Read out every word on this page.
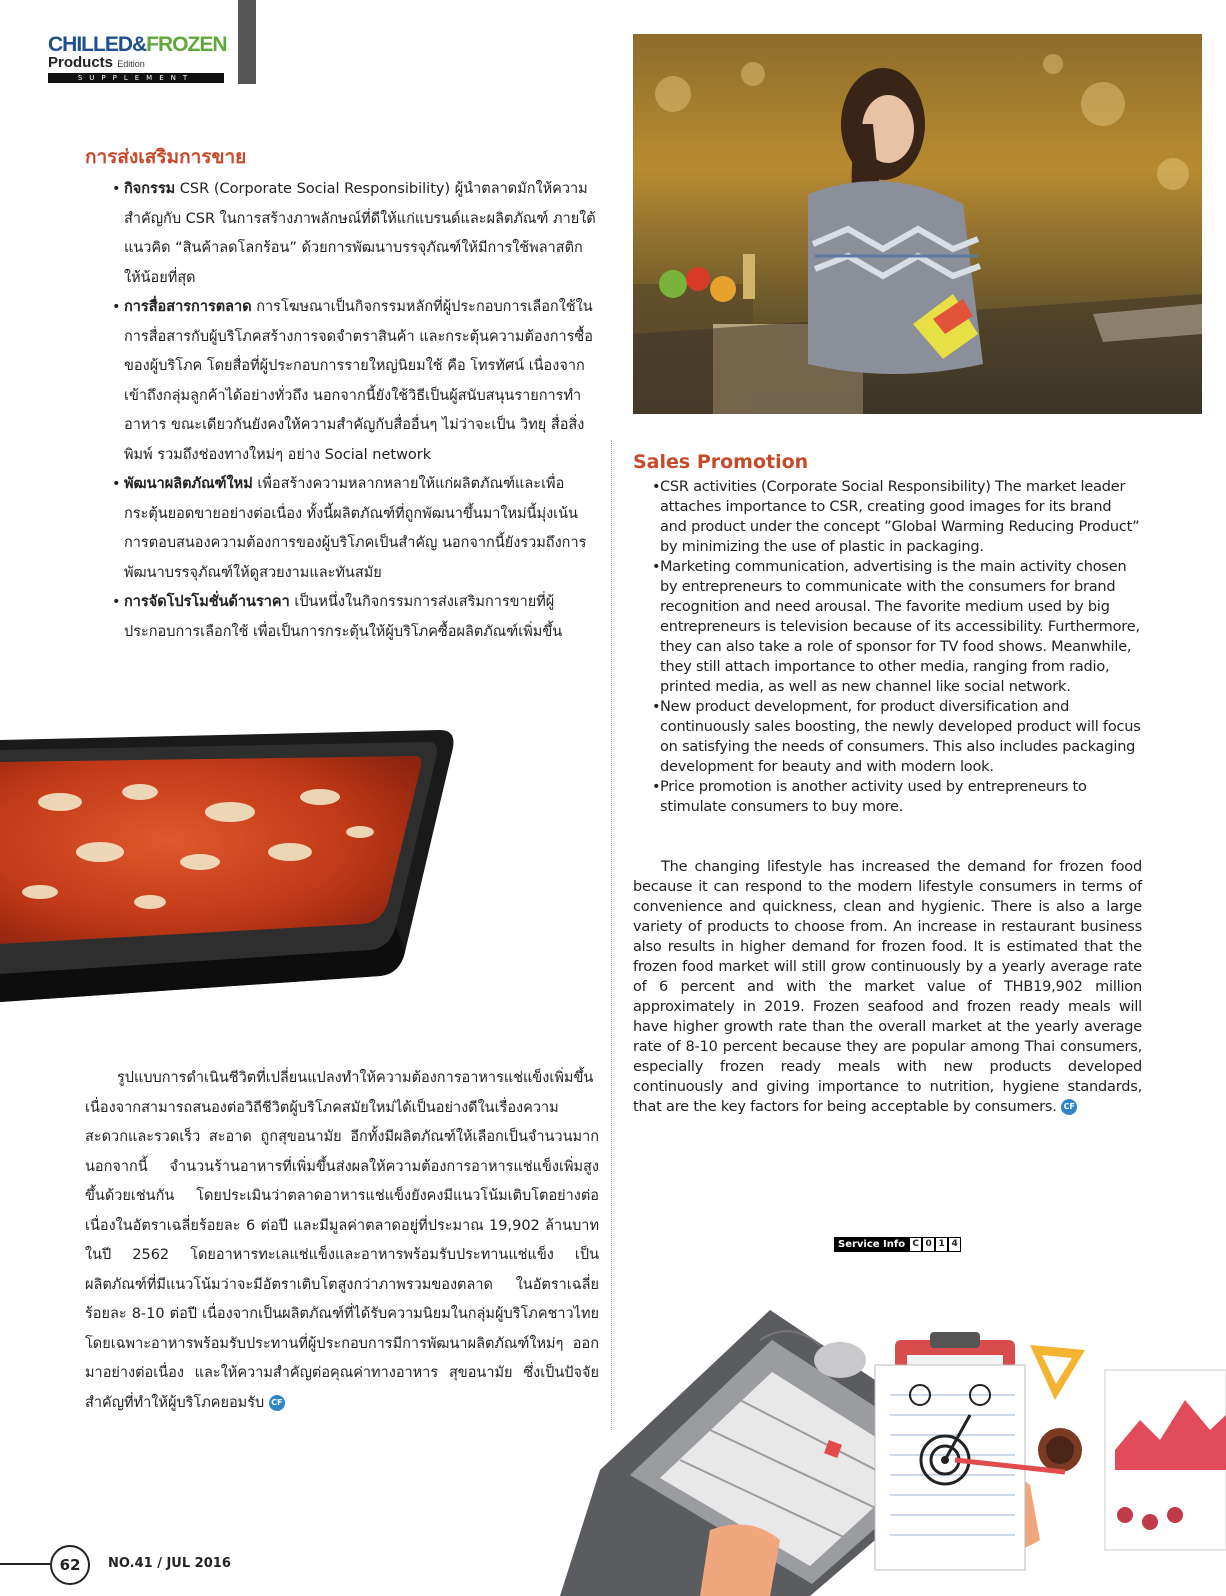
CHILLED&FROZEN
Products Edition
SUPPLEMENT
การส่งเสริมการขาย
• กิจกรรม CSR (Corporate Social Responsibility) ผู้นำตลาดมักให้ความสำคัญกับ CSR ในการสร้างภาพลักษณ์ที่ดีให้แก่แบรนด์และผลิตภัณฑ์ ภายใต้แนวคิด “สินค้าลดโลกร้อน” ด้วยการพัฒนาบรรจุภัณฑ์ให้มีการใช้พลาสติกให้น้อยที่สุด
• การสื่อสารการตลาด การโฆษณาเป็นกิจกรรมหลักที่ผู้ประกอบการเลือกใช้ในการสื่อสารกับผู้บริโภคสร้างการจดจำตราสินค้า และกระตุ้นความต้องการซื้อของผู้บริโภค โดยสื่อที่ผู้ประกอบการรายใหญ่นิยมใช้ คือ โทรทัศน์ เนื่องจากเข้าถึงกลุ่มลูกค้าได้อย่างทั่วถึง นอกจากนี้ยังใช้วิธีเป็นผู้สนับสนุนรายการทำอาหาร ขณะเดียวกันยังคงให้ความสำคัญกับสื่ออื่นๆ ไม่ว่าจะเป็น วิทยุ สื่อสิ่งพิมพ์ รวมถึงช่องทางใหม่ๆ อย่าง Social network
• พัฒนาผลิตภัณฑ์ใหม่ เพื่อสร้างความหลากหลายให้แก่ผลิตภัณฑ์และเพื่อกระตุ้นยอดขายอย่างต่อเนื่อง ทั้งนี้ผลิตภัณฑ์ที่ถูกพัฒนาขึ้นมาใหม่นี้มุ่งเน้นการตอบสนองความต้องการของผู้บริโภคเป็นสำคัญ นอกจากนี้ยังรวมถึงการพัฒนาบรรจุภัณฑ์ให้ดูสวยงามและทันสมัย
• การจัดโปรโมชั่นด้านราคา เป็นหนึ่งในกิจกรรมการส่งเสริมการขายที่ผู้ประกอบการเลือกใช้ เพื่อเป็นการกระตุ้นให้ผู้บริโภคซื้อผลิตภัณฑ์เพิ่มขึ้น

รูปแบบการดำเนินชีวิตที่เปลี่ยนแปลงทำให้ความต้องการอาหารแช่แข็งเพิ่มขึ้น เนื่องจากสามารถสนองต่อวิถีชีวิตผู้บริโภคสมัยใหม่ได้เป็นอย่างดีในเรื่องความสะดวกและรวดเร็ว สะอาด ถูกสุขอนามัย อีกทั้งมีผลิตภัณฑ์ให้เลือกเป็นจำนวนมาก นอกจากนี้ จำนวนร้านอาหารที่เพิ่มขึ้นส่งผลให้ความต้องการอาหารแช่แข็งเพิ่มสูงขึ้นด้วยเช่นกัน โดยประเมินว่าตลาดอาหารแช่แข็งยังคงมีแนวโน้มเติบโตอย่างต่อเนื่องในอัตราเฉลี่ยร้อยละ 6 ต่อปี และมีมูลค่าตลาดอยู่ที่ประมาณ 19,902 ล้านบาทในปี 2562 โดยอาหารทะเลแช่แข็งและอาหารพร้อมรับประทานแช่แข็ง เป็นผลิตภัณฑ์ที่มีแนวโน้มว่าจะมีอัตราเติบโตสูงกว่าภาพรวมของตลาด ในอัตราเฉลี่ยร้อยละ 8-10 ต่อปี เนื่องจากเป็นผลิตภัณฑ์ที่ได้รับความนิยมในกลุ่มผู้บริโภคชาวไทย โดยเฉพาะอาหารพร้อมรับประทานที่ผู้ประกอบการมีการพัฒนาผลิตภัณฑ์ใหม่ๆ ออกมาอย่างต่อเนื่อง และให้ความสำคัญต่อคุณค่าทางอาหาร สุขอนามัย ซึ่งเป็นปัจจัยสำคัญที่ทำให้ผู้บริโภคยอมรับ CF

Sales Promotion
• CSR activities (Corporate Social Responsibility) The market leader attaches importance to CSR, creating good images for its brand and product under the concept ”Global Warming Reducing Product” by minimizing the use of plastic in packaging.
• Marketing communication, advertising is the main activity chosen by entrepreneurs to communicate with the consumers for brand recognition and need arousal. The favorite medium used by big entrepreneurs is television because of its accessibility. Furthermore, they can also take a role of sponsor for TV food shows. Meanwhile, they still attach importance to other media, ranging from radio, printed media, as well as new channel like social network.
• New product development, for product diversification and continuously sales boosting, the newly developed product will focus on satisfying the needs of consumers. This also includes packaging development for beauty and with modern look.
• Price promotion is another activity used by entrepreneurs to stimulate consumers to buy more.

The changing lifestyle has increased the demand for frozen food because it can respond to the modern lifestyle consumers in terms of convenience and quickness, clean and hygienic. There is also a large variety of products to choose from. An increase in restaurant business also results in higher demand for frozen food. It is estimated that the frozen food market will still grow continuously by a yearly average rate of 6 percent and with the market value of THB19,902 million approximately in 2019. Frozen seafood and frozen ready meals will have higher growth rate than the overall market at the yearly average rate of 8-10 percent because they are popular among Thai consumers, especially frozen ready meals with new products developed continuously and giving importance to nutrition, hygiene standards, that are the key factors for being acceptable by consumers. CF

Service Info C 0 1 4
62	NO.41 / JUL 2016
